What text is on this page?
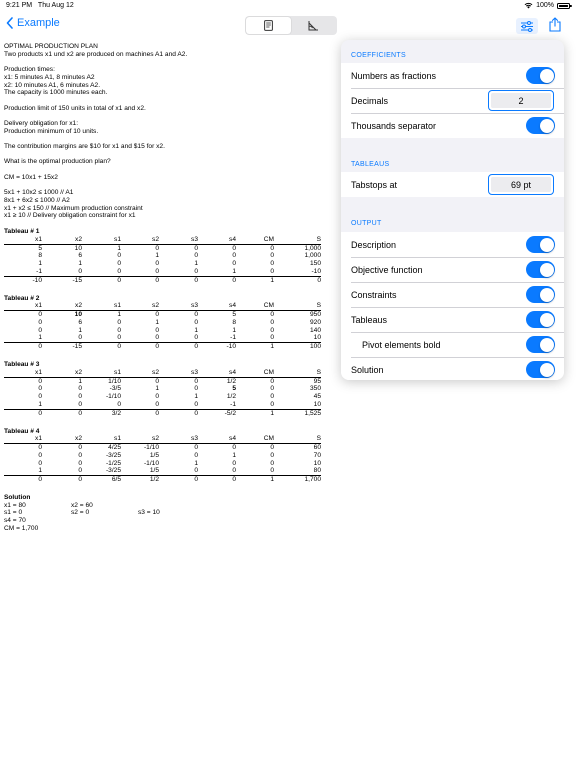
9:21 PM Thu Aug 12	100%
Example

OPTIMAL PRODUCTION PLAN

Two products x1 und x2 are produced on machines A1 and A2.

Production times:

x1: 5 minutes A1, 8 minutes A2

x2: 10 minutes A1, 6 minutes A2.

The capacity is 1000 minutes each.

Production limit of 150 units in total of x1 and x2.

Delivery obligation for x1:

Production minimum of 10 units.

The contribution margins are $10 for x1 and $15 for x2.

What is the optimal production plan?

CM = 10x1 + 15x2

5x1 + 10x2 ≤ 1000 // A1

8x1 + 6x2 ≤ 1000 // A2

x1 + x2 ≤ 150 // Maximum production constraint

x1 ≥ 10 // Delivery obligation constraint for x1

Tableau # 1

x1	x2	s1	s2	s3	s4	CM	S
5	10	1	0	0	0	0	1,000
8	6	0	1	0	0	0	1,000
1	1	0	0	1	0	0	150
-1	0	0	0	0	1	0	-10
-10	-15	0	0	0	0	1	0

Tableau # 2

x1	x2	s1	s2	s3	s4	CM	S
0	10	1	0	0	5	0	950
0	6	0	1	0	8	0	920
0	1	0	0	1	1	0	140
1	0	0	0	0	-1	0	10
0	-15	0	0	0	-10	1	100

Tableau # 3

x1	x2	s1	s2	s3	s4	CM	S
0	1	1/10	0	0	1/2	0	95
0	0	-3/5	1	0	5	0	350
0	0	-1/10	0	1	1/2	0	45
1	0	0	0	0	-1	0	10
0	0	3/2	0	0	-5/2	1	1,525

Tableau # 4

x1	x2	s1	s2	s3	s4	CM	S
0	0	4/25	-1/10	0	0	0	60
0	0	-3/25	1/5	0	1	0	70
0	0	-1/25	-1/10	1	0	0	10
1	0	-3/25	1/5	0	0	0	80
0	0	6/5	1/2	0	0	1	1,700

Solution

x1 = 80	x2 = 60
s1 = 0	s2 = 0	s3 = 10
s4 = 70
CM = 1,700
COEFFICIENTS
Numbers as fractions
Decimals
2
Thousands separator
TABLEAUS
Tabstops at
69 pt
OUTPUT
Description
Objective function
Constraints
Tableaus
Pivot elements bold
Solution
